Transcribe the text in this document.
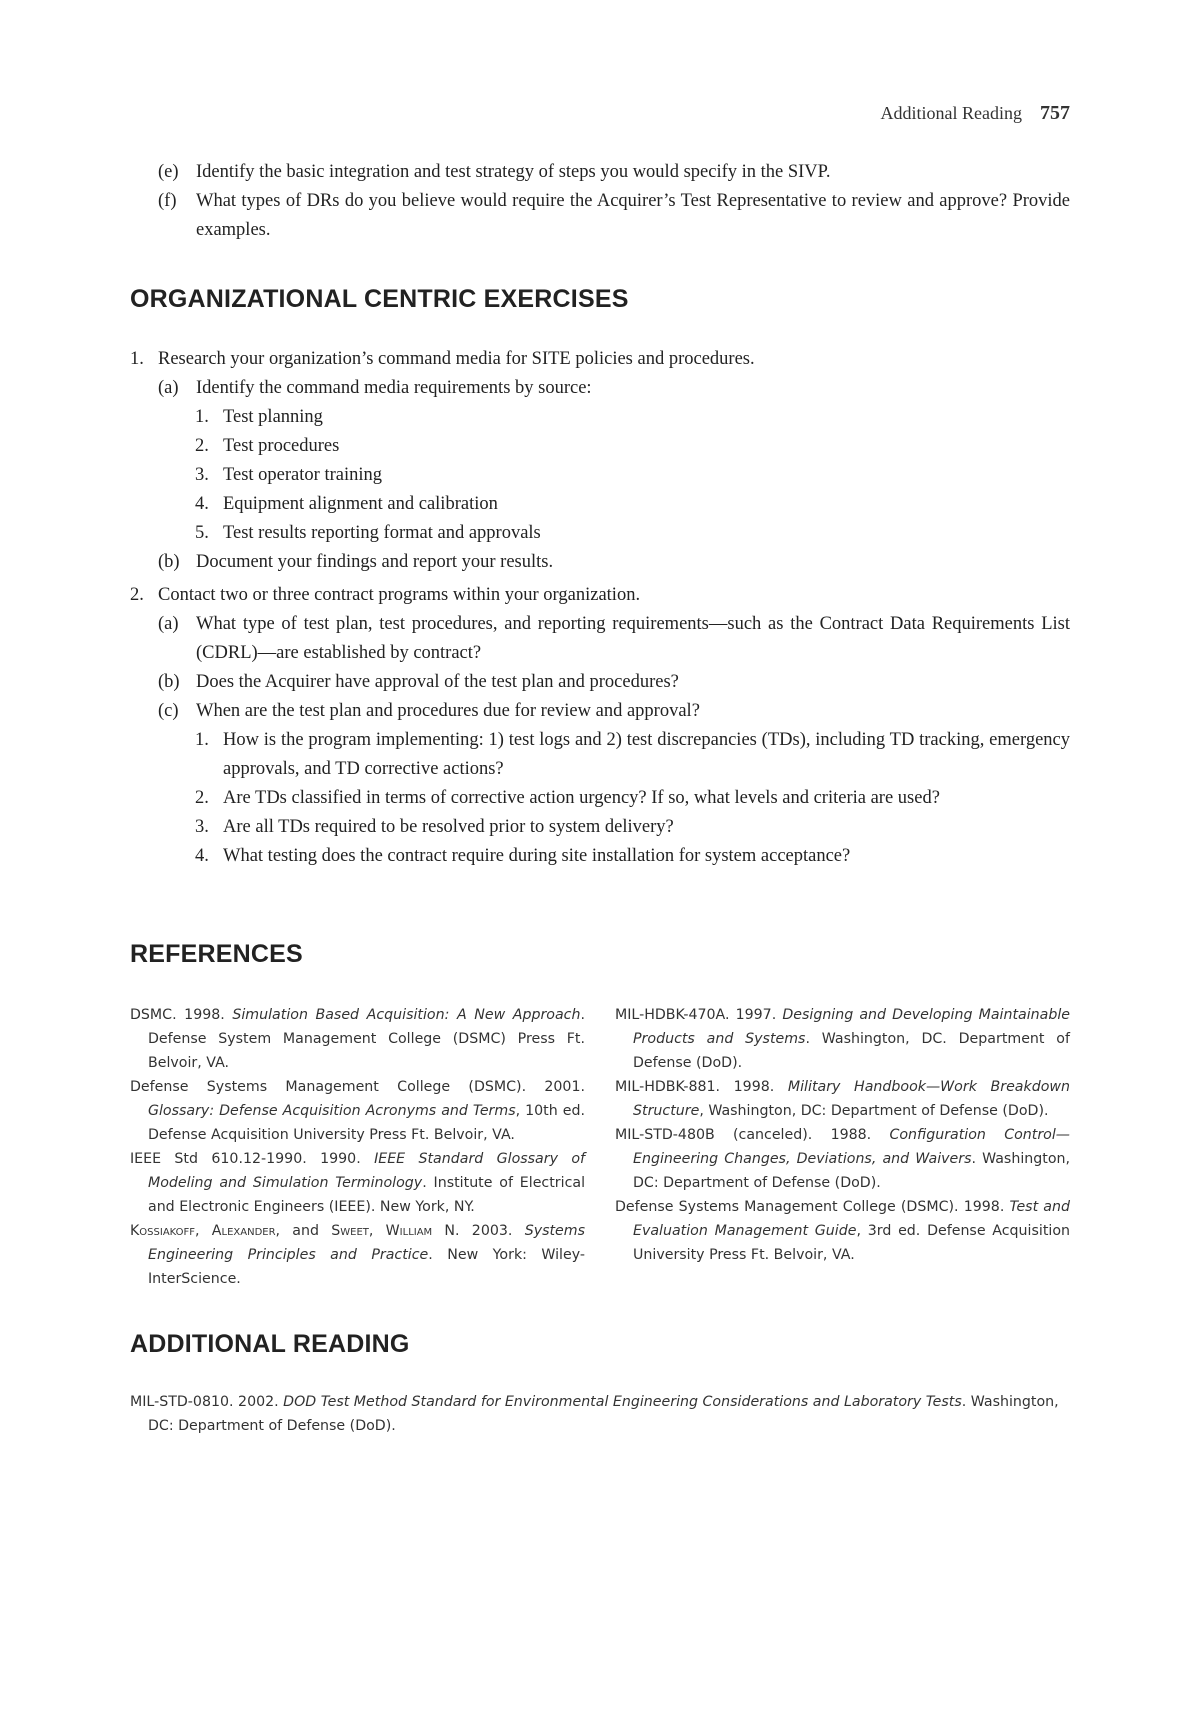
Additional Reading 757
(e) Identify the basic integration and test strategy of steps you would specify in the SIVP.
(f)	What types of DRs do you believe would require the Acquirer’s Test Representative to review and approve? Provide examples.
ORGANIZATIONAL CENTRIC EXERCISES
1. Research your organization’s command media for SITE policies and procedures.
(a) Identify the command media requirements by source:
1. Test planning
2. Test procedures
3. Test operator training
4. Equipment alignment and calibration
5. Test results reporting format and approvals
(b) Document your findings and report your results.
2. Contact two or three contract programs within your organization.
(a) What type of test plan, test procedures, and reporting requirements—such as the Contract Data Requirements List (CDRL)—are established by contract?
(b) Does the Acquirer have approval of the test plan and procedures?
(c) When are the test plan and procedures due for review and approval?
1. How is the program implementing: 1) test logs and 2) test discrepancies (TDs), including TD tracking, emergency approvals, and TD corrective actions?
2. Are TDs classified in terms of corrective action urgency? If so, what levels and criteria are used?
3. Are all TDs required to be resolved prior to system delivery?
4. What testing does the contract require during site installation for system acceptance?
REFERENCES
DSMC. 1998. Simulation Based Acquisition: A New Approach. Defense System Management College (DSMC) Press Ft. Belvoir, VA.
Defense Systems Management College (DSMC). 2001. Glossary: Defense Acquisition Acronyms and Terms, 10th ed. Defense Acquisition University Press Ft. Belvoir, VA.
IEEE Std 610.12-1990. 1990. IEEE Standard Glossary of Modeling and Simulation Terminology. Institute of Electrical and Electronic Engineers (IEEE). New York, NY.
Kossiakoff, Alexander, and Sweet, William N. 2003. Systems Engineering Principles and Practice. New York: Wiley-InterScience.
MIL-HDBK-470A. 1997. Designing and Developing Maintainable Products and Systems. Washington, DC. Department of Defense (DoD).
MIL-HDBK-881. 1998. Military Handbook—Work Breakdown Structure, Washington, DC: Department of Defense (DoD).
MIL-STD-480B (canceled). 1988. Configuration Control—Engineering Changes, Deviations, and Waivers. Washington, DC: Department of Defense (DoD).
Defense Systems Management College (DSMC). 1998. Test and Evaluation Management Guide, 3rd ed. Defense Acquisition University Press Ft. Belvoir, VA.
ADDITIONAL READING
MIL-STD-0810. 2002. DOD Test Method Standard for Environmental Engineering Considerations and Laboratory Tests. Washington, DC: Department of Defense (DoD).
